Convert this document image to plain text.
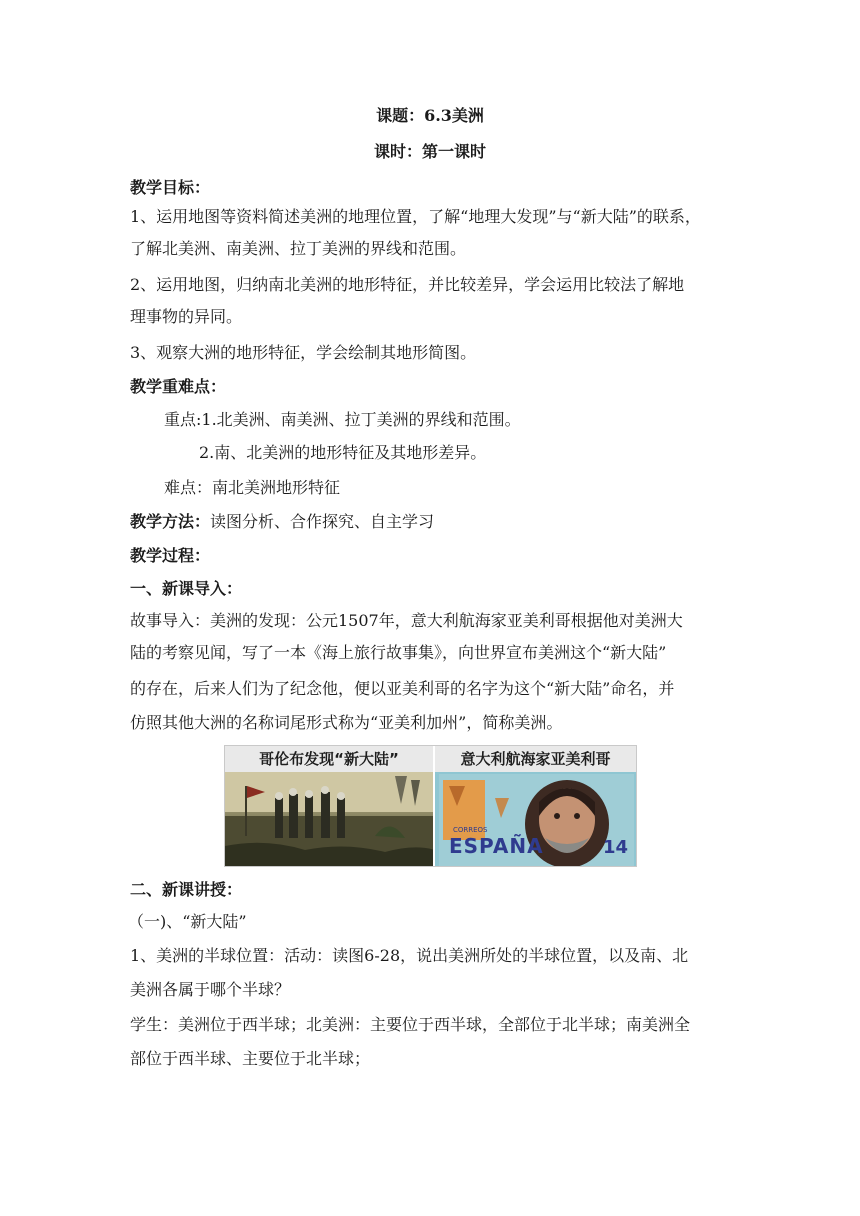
课题：6.3美洲
课时：第一课时
教学目标：
1、运用地图等资料简述美洲的地理位置，了解“地理大发现”与“新大陆”的联系，
了解北美洲、南美洲、拉丁美洲的界线和范围。
2、运用地图，归纳南北美洲的地形特征，并比较差异，学会运用比较法了解地
理事物的异同。
3、观察大洲的地形特征，学会绘制其地形简图。
教学重难点：
重点:1.北美洲、南美洲、拉丁美洲的界线和范围。
2.南、北美洲的地形特征及其地形差异。
难点：南北美洲地形特征
教学方法：读图分析、合作探究、自主学习
教学过程：
一、新课导入：
故事导入：美洲的发现：公元1507年，意大利航海家亚美利哥根据他对美洲大
陆的考察见闻，写了一本《海上旅行故事集》，向世界宣布美洲这个“新大陆”
的存在，后来人们为了纪念他，便以亚美利哥的名字为这个“新大陆”命名，并
仿照其他大洲的名称词尾形式称为“亚美利加州”，简称美洲。
哥伦布发现“新大陆”	意大利航海家亚美利哥
CORREOS
ESPAÑA	14
二、新课讲授：
（一)、“新大陆”
1、美洲的半球位置：活动：读图6-28，说出美洲所处的半球位置，以及南、北
美洲各属于哪个半球？
学生：美洲位于西半球；北美洲：主要位于西半球，全部位于北半球；南美洲全
部位于西半球、主要位于北半球；
